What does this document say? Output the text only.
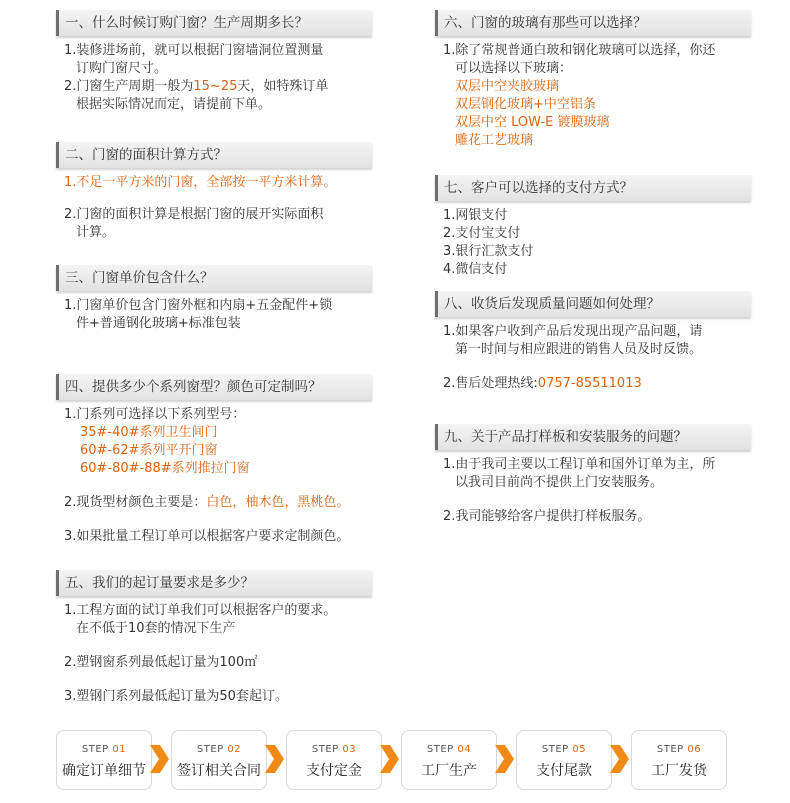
一、什么时候订购门窗？生产周期多长？
1.装修进场前，就可以根据门窗墙洞位置测量
订购门窗尺寸。
2.门窗生产周期一般为15~25天，如特殊订单
根据实际情况而定，请提前下单。
二、门窗的面积计算方式？
1.不足一平方米的门窗，全部按一平方米计算。
2.门窗的面积计算是根据门窗的展开实际面积
计算。
三、门窗单价包含什么？
1.门窗单价包含门窗外框和内扇+五金配件+锁
件+普通钢化玻璃+标准包装
四、提供多少个系列窗型？颜色可定制吗？
1.门系列可选择以下系列型号：
35#-40#系列卫生间门
60#-62#系列平开门窗
60#-80#-88#系列推拉门窗
2.现货型材颜色主要是：白色，柚木色，黑桃色。
3.如果批量工程订单可以根据客户要求定制颜色。
五、我们的起订量要求是多少？
1.工程方面的试订单我们可以根据客户的要求。
在不低于10套的情况下生产
2.塑钢窗系列最低起订量为100㎡
3.塑钢门系列最低起订量为50套起订。
六、门窗的玻璃有那些可以选择？
1.除了常规普通白玻和钢化玻璃可以选择，你还
可以选择以下玻璃：
双层中空夹胶玻璃
双层钢化玻璃+中空铝条
双层中空 LOW-E 镀膜玻璃
雕花工艺玻璃
七、客户可以选择的支付方式？
1.网银支付
2.支付宝支付
3.银行汇款支付
4.微信支付
八、收货后发现质量问题如何处理？
1.如果客户收到产品后发现出现产品问题，请
第一时间与相应跟进的销售人员及时反馈。
2.售后处理热线:0757-85511013
九、关于产品打样板和安装服务的问题？
1.由于我司主要以工程订单和国外订单为主，所
以我司目前尚不提供上门安装服务。
2.我司能够给客户提供打样板服务。
STEP 01
确定订单细节
STEP 02
签订相关合同
STEP 03
支付定金
STEP 04
工厂生产
STEP 05
支付尾款
STEP 06
工厂发货
